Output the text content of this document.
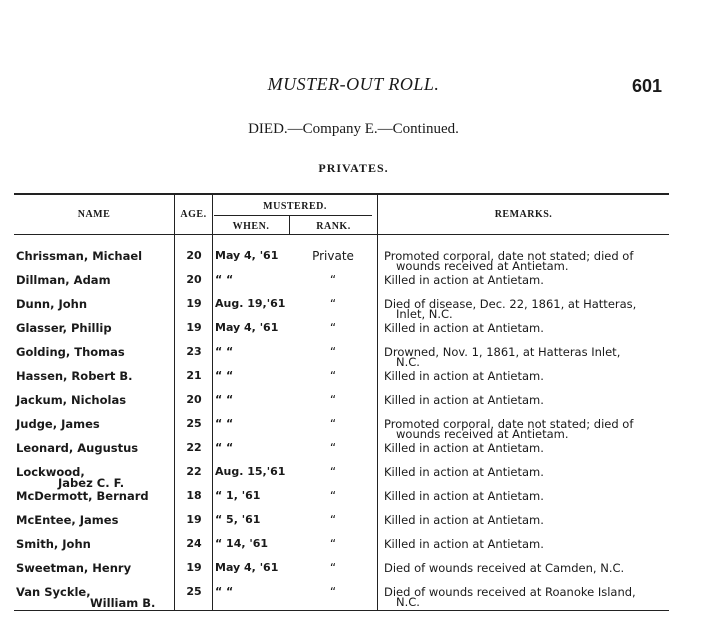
MUSTER-OUT ROLL.	601
DIED.—Company E.—Continued.
PRIVATES.
NAME	AGE.
MUSTERED.
WHEN.	RANK.
REMARKS.
Chrissman, Michael	20	May 4, '61	Private	Promoted corporal, date not stated; died of
wounds received at Antietam.
Dillman, Adam	20	“ “	“	Killed in action at Antietam.
Dunn, John	19	Aug. 19,'61	“	Died of disease, Dec. 22, 1861, at Hatteras,
Inlet, N.C.
Glasser, Phillip	19	May 4, '61	“	Killed in action at Antietam.
Golding, Thomas	23	“ “	“	Drowned, Nov. 1, 1861, at Hatteras Inlet,
N.C.
Hassen, Robert B.	21	“ “	“	Killed in action at Antietam.
Jackum, Nicholas	20	“ “	“	Killed in action at Antietam.
Judge, James	25	“ “	“	Promoted corporal, date not stated; died of
wounds received at Antietam.
Leonard, Augustus	22	“ “	“	Killed in action at Antietam.
Lockwood,
Jabez C. F.
22	Aug. 15,'61	“	Killed in action at Antietam.
McDermott, Bernard	18	“ 1, '61	“	Killed in action at Antietam.
McEntee, James	19	“ 5, '61	“	Killed in action at Antietam.
Smith, John	24	“ 14, '61	“	Killed in action at Antietam.
Sweetman, Henry	19	May 4, '61	“	Died of wounds received at Camden, N.C.
Van Syckle,
William B.
25	“ “	“	Died of wounds received at Roanoke Island,
N.C.
